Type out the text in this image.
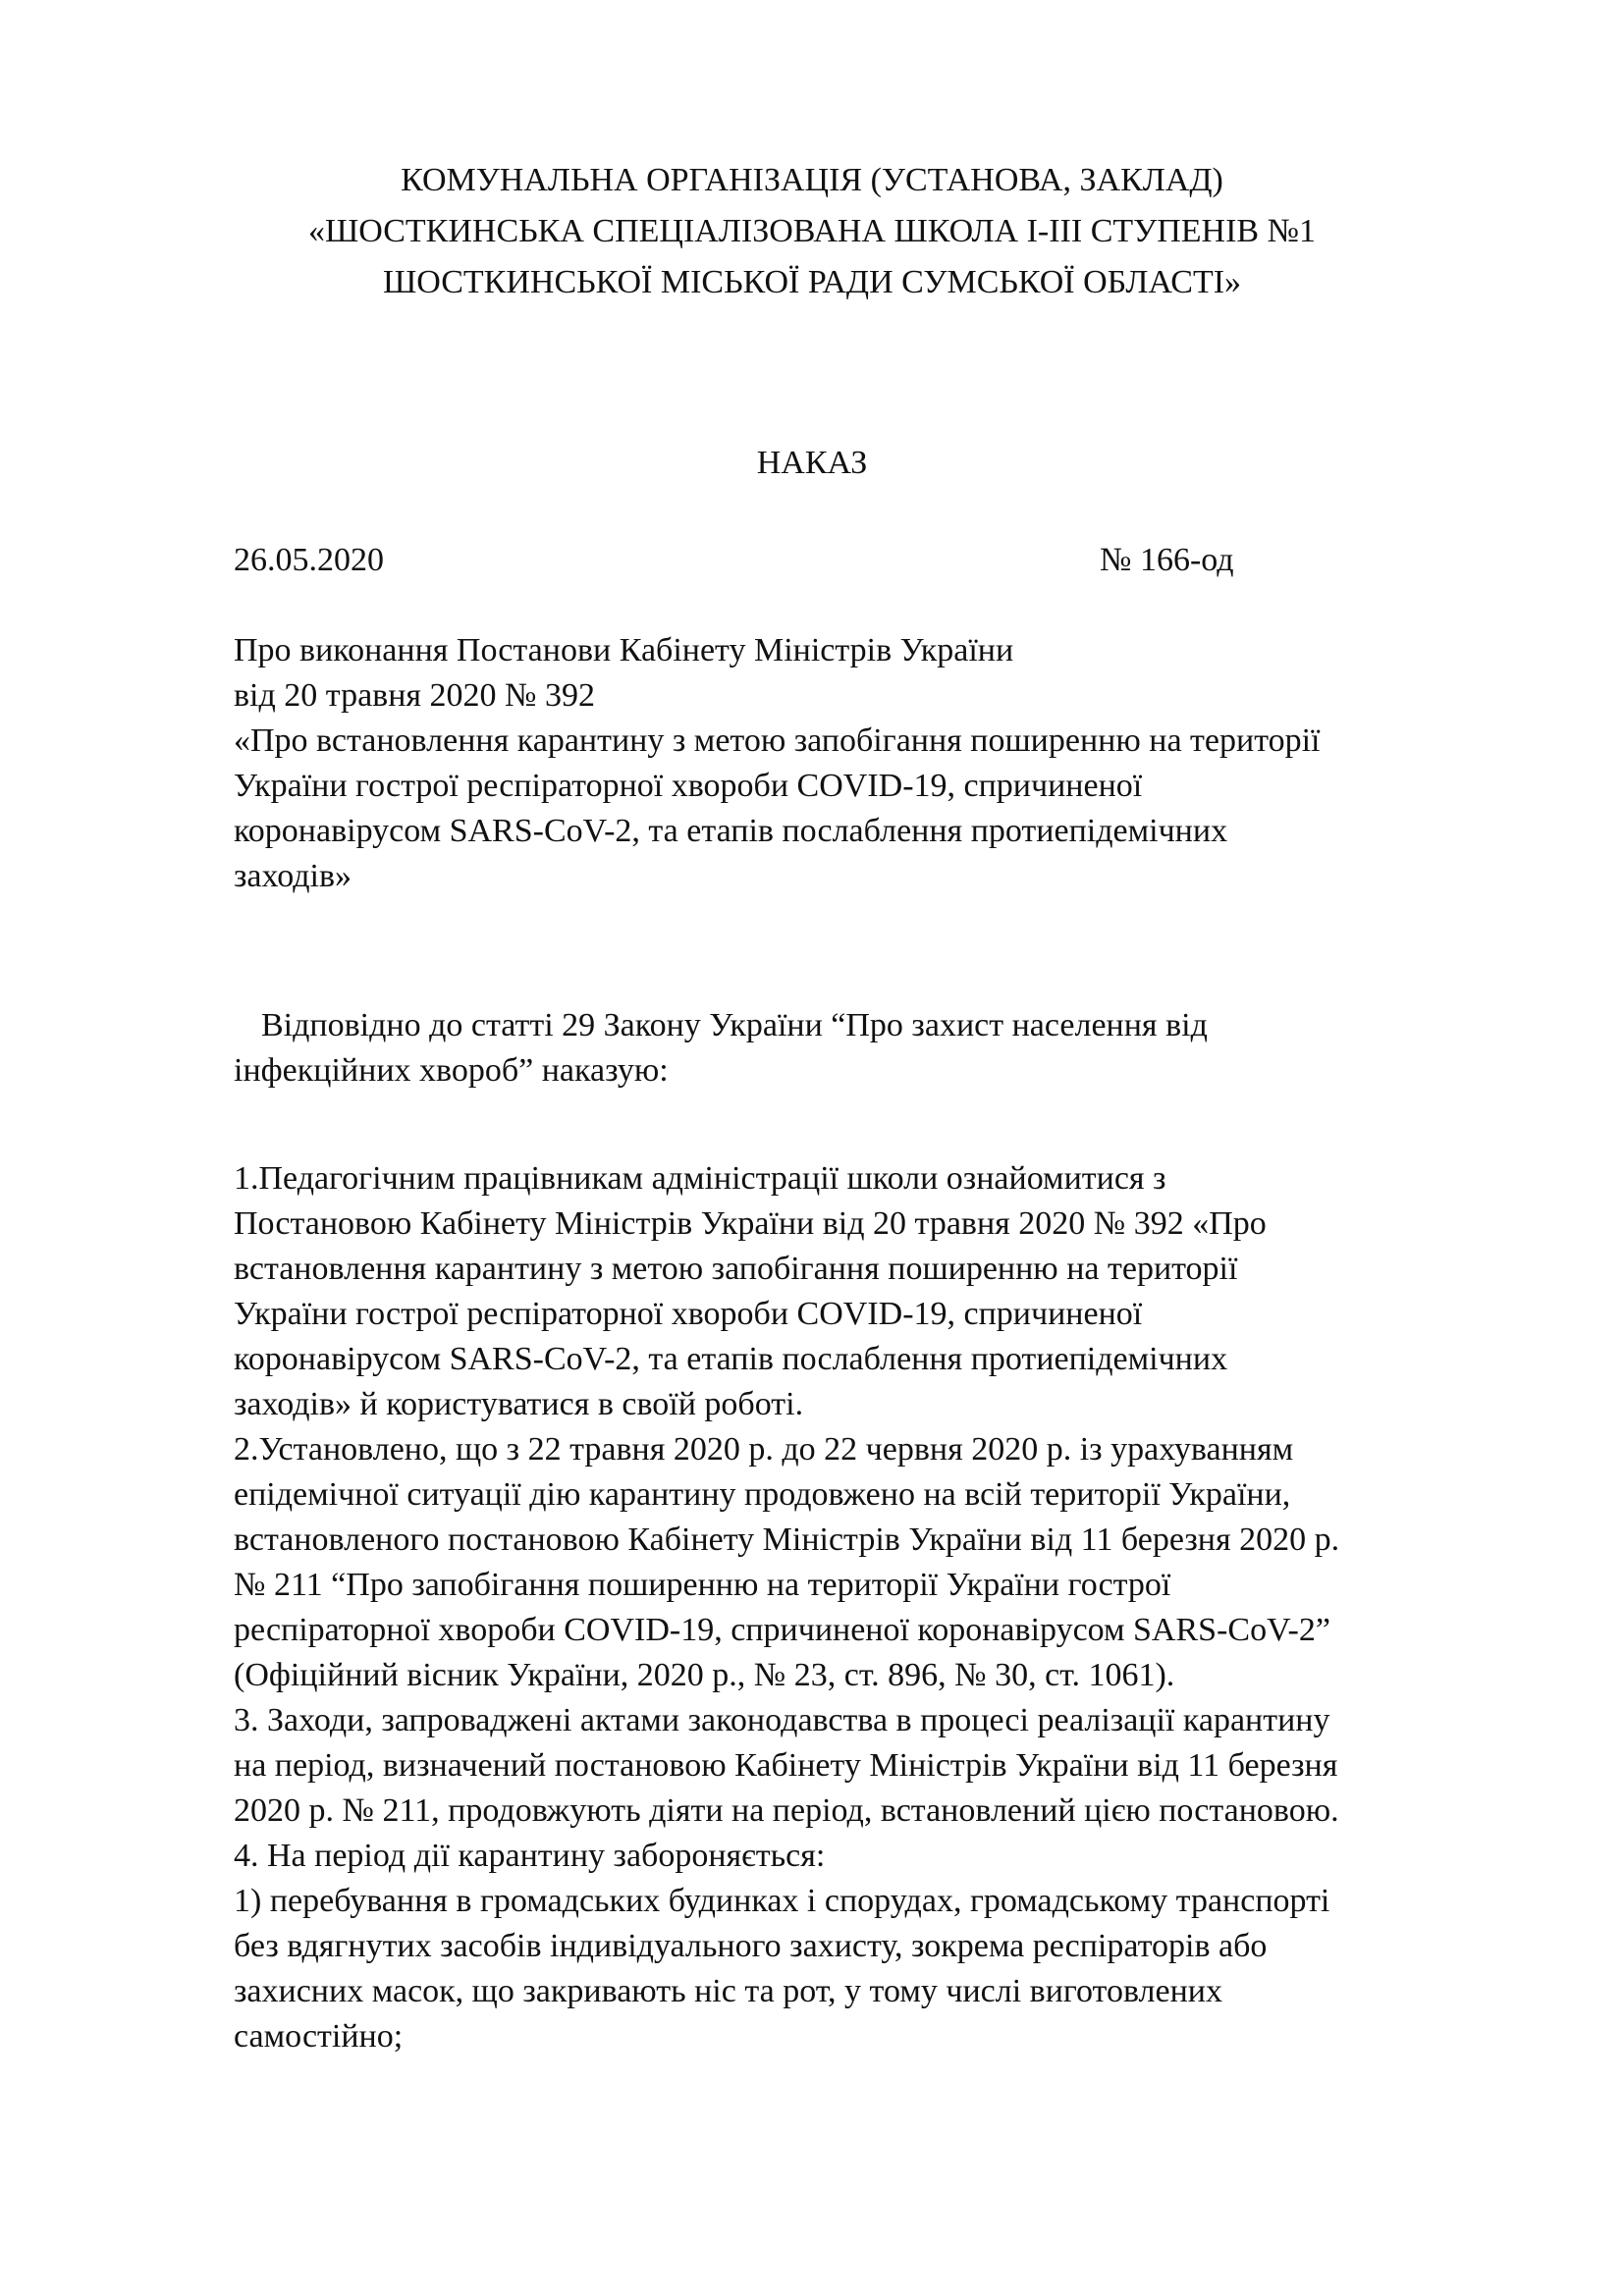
КОМУНАЛЬНА ОРГАНІЗАЦІЯ (УСТАНОВА, ЗАКЛАД)
«ШОСТКИНСЬКА СПЕЦІАЛІЗОВАНА ШКОЛА І-ІІІ СТУПЕНІВ №1
ШОСТКИНСЬКОЇ МІСЬКОЇ РАДИ СУМСЬКОЇ ОБЛАСТІ»
НАКАЗ
26.05.2020	№ 166-од
Про виконання Постанови Кабінету Міністрів України
від 20 травня 2020 № 392
«Про встановлення карантину з метою запобігання поширенню на території
України гострої респіраторної хвороби COVID-19, спричиненої
коронавірусом SARS-CoV-2, та етапів послаблення протиепідемічних
заходів»
Відповідно до статті 29 Закону України “Про захист населення від
інфекційних хвороб” наказую:
1.Педагогічним працівникам адміністрації школи ознайомитися з
Постановою Кабінету Міністрів України від 20 травня 2020 № 392 «Про
встановлення карантину з метою запобігання поширенню на території
України гострої респіраторної хвороби COVID-19, спричиненої
коронавірусом SARS-CoV-2, та етапів послаблення протиепідемічних
заходів» й користуватися в своїй роботі.
2.Установлено, що з 22 травня 2020 р. до 22 червня 2020 р. із урахуванням
епідемічної ситуації дію карантину продовжено на всій території України,
встановленого постановою Кабінету Міністрів України від 11 березня 2020 р.
№ 211 “Про запобігання поширенню на території України гострої
респіраторної хвороби COVID-19, спричиненої коронавірусом SARS-CoV-2”
(Офіційний вісник України, 2020 р., № 23, ст. 896, № 30, ст. 1061).
3. Заходи, запроваджені актами законодавства в процесі реалізації карантину
на період, визначений постановою Кабінету Міністрів України від 11 березня
2020 р. № 211, продовжують діяти на період, встановлений цією постановою.
4. На період дії карантину забороняється:
1) перебування в громадських будинках і спорудах, громадському транспорті
без вдягнутих засобів індивідуального захисту, зокрема респіраторів або
захисних масок, що закривають ніс та рот, у тому числі виготовлених
самостійно;
